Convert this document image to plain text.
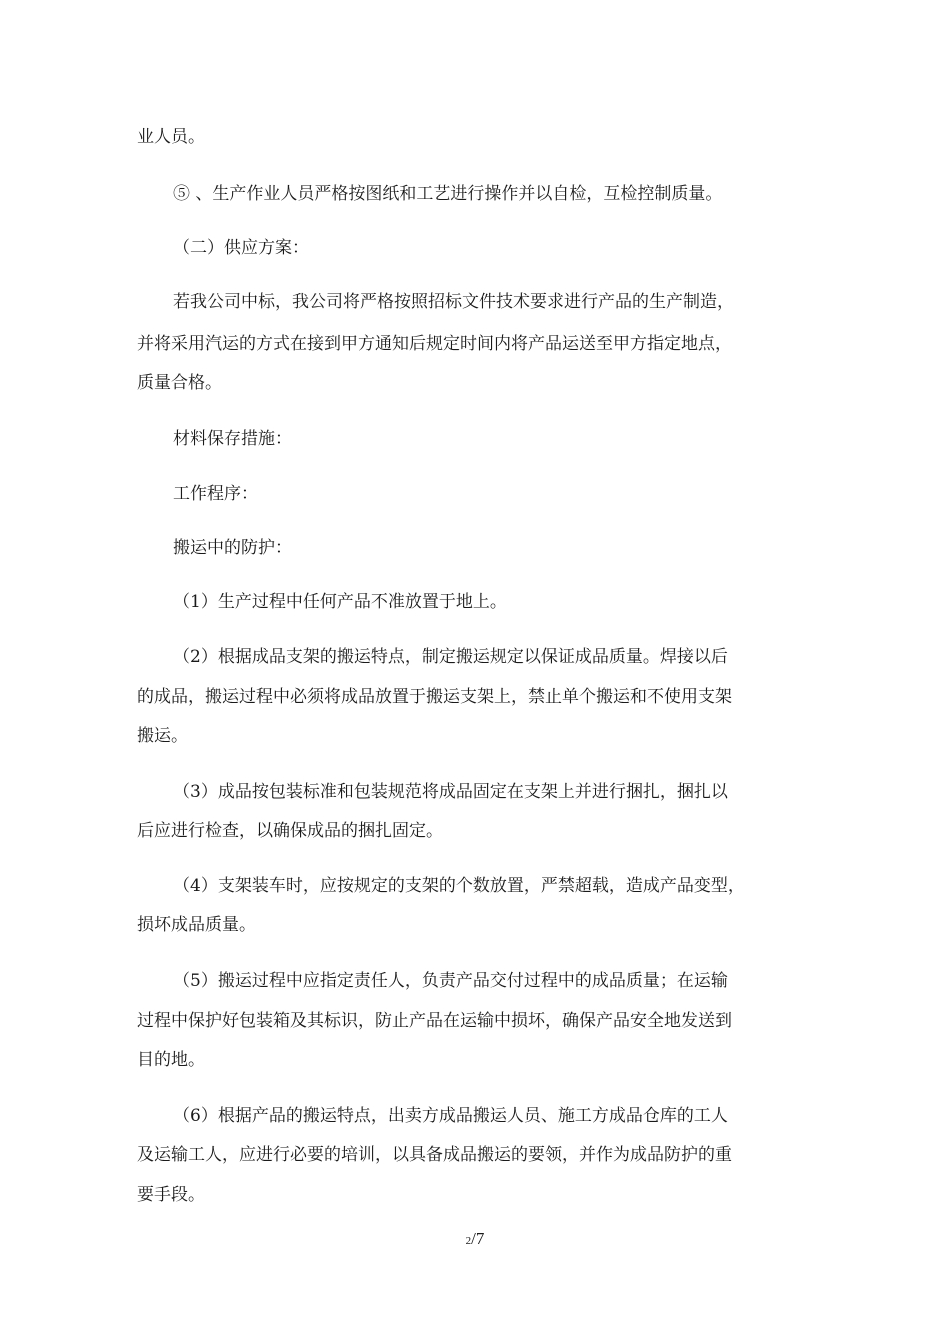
业人员。
⑤ 、生产作业人员严格按图纸和工艺进行操作并以自检，互检控制质量。
（二）供应方案：
若我公司中标，我公司将严格按照招标文件技术要求进行产品的生产制造，
并将采用汽运的方式在接到甲方通知后规定时间内将产品运送至甲方指定地点，
质量合格。
材料保存措施：
工作程序：
搬运中的防护：
（1）生产过程中任何产品不准放置于地上。
（2）根据成品支架的搬运特点，制定搬运规定以保证成品质量。焊接以后
的成品，搬运过程中必须将成品放置于搬运支架上，禁止单个搬运和不使用支架
搬运。
（3）成品按包装标准和包装规范将成品固定在支架上并进行捆扎，捆扎以
后应进行检查，以确保成品的捆扎固定。
（4）支架装车时，应按规定的支架的个数放置，严禁超载，造成产品变型，
损坏成品质量。
（5）搬运过程中应指定责任人，负责产品交付过程中的成品质量；在运输
过程中保护好包装箱及其标识，防止产品在运输中损坏，确保产品安全地发送到
目的地。
（6）根据产品的搬运特点，出卖方成品搬运人员、施工方成品仓库的工人
及运输工人，应进行必要的培训，以具备成品搬运的要领，并作为成品防护的重
要手段。
2/7
